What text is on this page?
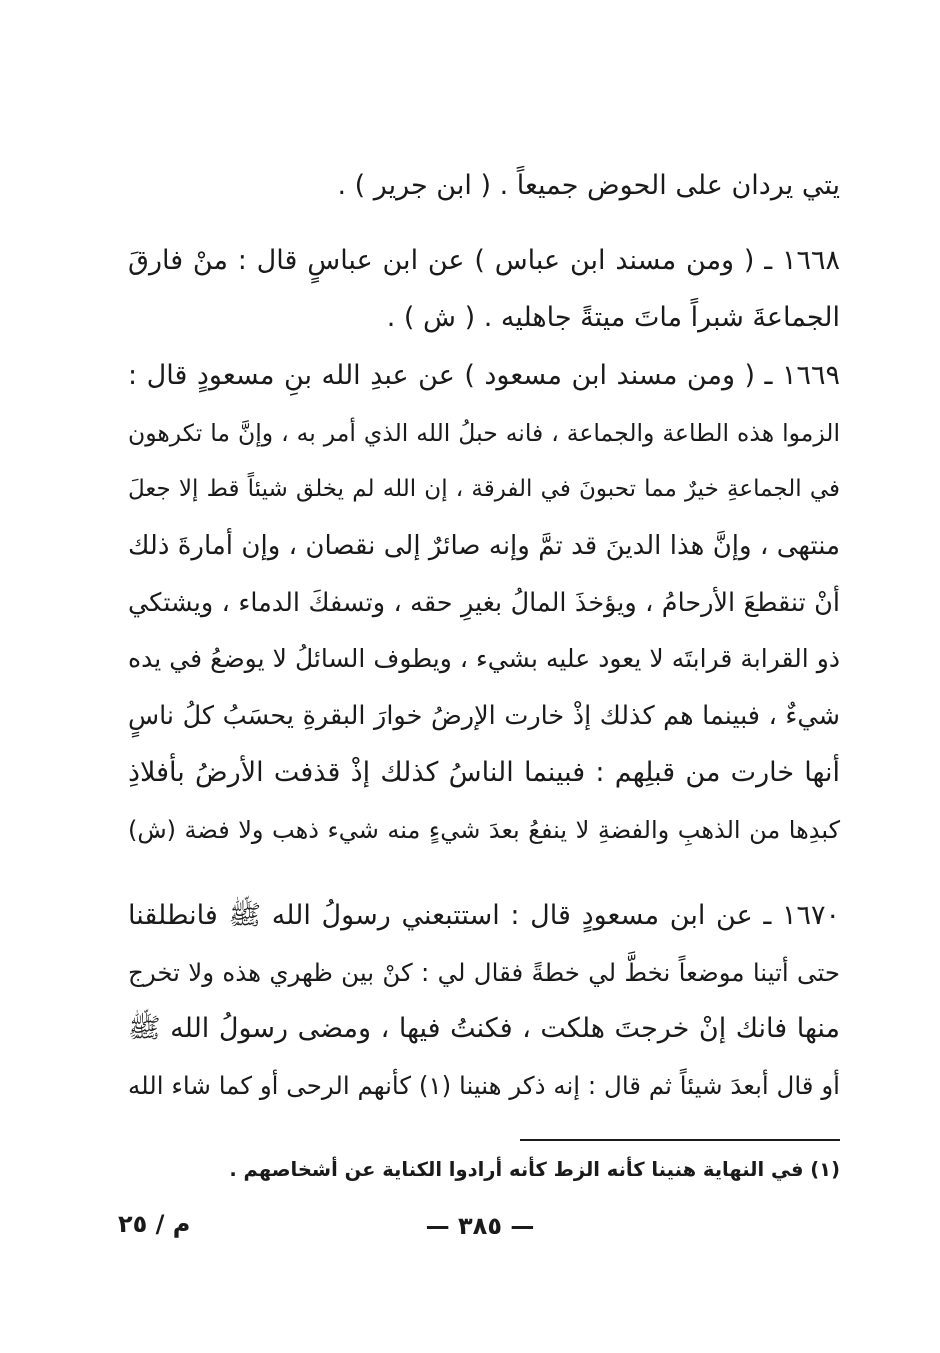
يتي يردان على الحوض جميعاً . ( ابن جرير ) .
١٦٦٨ ـ ( ومن مسند ابن عباس ) عن ابن عباسٍ قال : منْ فارقَ
الجماعةَ شبراً ماتَ ميتةً جاهليه . ( ش ) .
١٦٦٩ ـ ( ومن مسند ابن مسعود ) عن عبدِ الله بنِ مسعودٍ قال :
الزموا هذه الطاعة والجماعة ، فانه حبلُ الله الذي أمر به ، وإنَّ ما تكرهون
في الجماعةِ خيرٌ مما تحبونَ في الفرقة ، إن الله لم يخلق شيئاً قط إلا جعلَ
منتهى ، وإنَّ هذا الدينَ قد تمَّ وإنه صائرٌ إلى نقصان ، وإن أمارةَ ذلك
أنْ تنقطعَ الأرحامُ ، ويؤخذَ المالُ بغيرِ حقه ، وتسفكَ الدماء ، ويشتكي
ذو القرابة قرابتَه لا يعود عليه بشيء ، ويطوف السائلُ لا يوضعُ في يده
شيءٌ ، فبينما هم كذلك إذْ خارت الإرضُ خوارَ البقرةِ يحسَبُ كلُ ناسٍ
أنها خارت من قبلِهم : فبينما الناسُ كذلك إذْ قذفت الأرضُ بأفلاذِ
كبدِها من الذهبِ والفضةِ لا ينفعُ بعدَ شيءٍ منه شيء ذهب ولا فضة (ش)
١٦٧٠ ـ عن ابن مسعودٍ قال : استتبعني رسولُ الله ﷺ فانطلقنا
حتى أتينا موضعاً نخطَّ لي خطةً فقال لي : كنْ بين ظهري هذه ولا تخرج
منها فانك إنْ خرجتَ هلكت ، فكنتُ فيها ، ومضى رسولُ الله ﷺ
أو قال أبعدَ شيئاً ثم قال : إنه ذكر هنينا (١) كأنهم الرحى أو كما شاء الله
(١) في النهاية هنينا كأنه الزط كأنه أرادوا الكناية عن أشخاصهم .
— ٣٨٥ —
م / ٢٥
